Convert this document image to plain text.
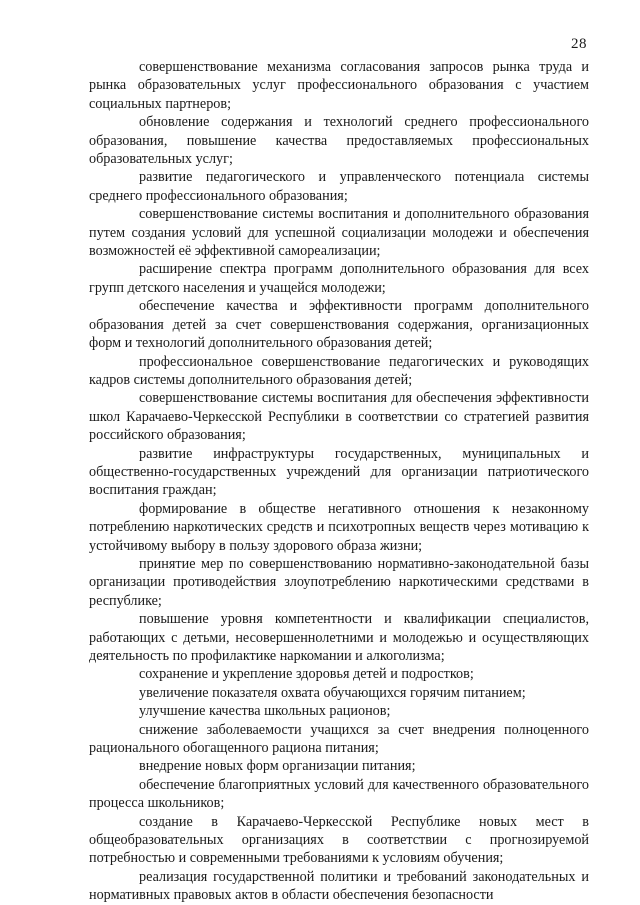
28

совершенствование механизма согласования запросов рынка труда и рынка образовательных услуг профессионального образования с участием социальных партнеров;

обновление содержания и технологий среднего профессионального образования, повышение качества предоставляемых профессиональных образовательных услуг;

развитие педагогического и управленческого потенциала системы среднего профессионального образования;

совершенствование системы воспитания и дополнительного образования путем создания условий для успешной социализации молодежи и обеспечения возможностей её эффективной самореализации;

расширение спектра программ дополнительного образования для всех групп детского населения и учащейся молодежи;

обеспечение качества и эффективности программ дополнительного образования детей за счет совершенствования содержания, организационных форм и технологий дополнительного образования детей;

профессиональное совершенствование педагогических и руководящих кадров системы дополнительного образования детей;

совершенствование системы воспитания для обеспечения эффективности школ Карачаево-Черкесской Республики в соответствии со стратегией развития российского образования;

развитие инфраструктуры государственных, муниципальных и общественно-государственных учреждений для организации патриотического воспитания граждан;

формирование в обществе негативного отношения к незаконному потреблению наркотических средств и психотропных веществ через мотивацию к устойчивому выбору в пользу здорового образа жизни;

принятие мер по совершенствованию нормативно-законодательной базы организации противодействия злоупотреблению наркотическими средствами в республике;

повышение уровня компетентности и квалификации специалистов, работающих с детьми, несовершеннолетними и молодежью и осуществляющих деятельность по профилактике наркомании и алкоголизма;

сохранение и укрепление здоровья детей и подростков;

увеличение показателя охвата обучающихся горячим питанием;

улучшение качества школьных рационов;

снижение заболеваемости учащихся за счет внедрения полноценного рационального обогащенного рациона питания;

внедрение новых форм организации питания;

обеспечение благоприятных условий для качественного образовательного процесса школьников;

создание в Карачаево-Черкесской Республике новых мест в общеобразовательных организациях в соответствии с прогнозируемой потребностью и современными требованиями к условиям обучения;

реализация государственной политики и требований законодательных и нормативных правовых актов в области обеспечения безопасности
